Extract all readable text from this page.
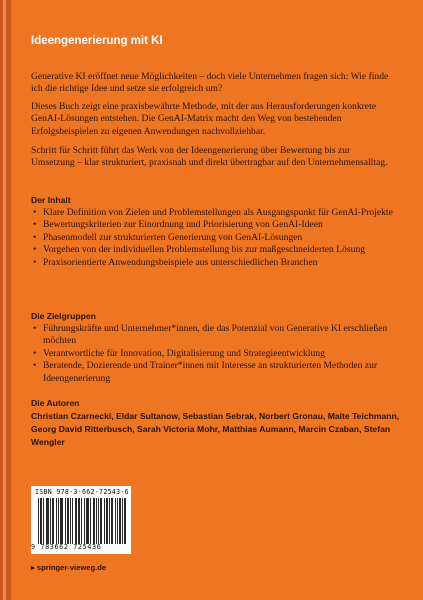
Ideengenerierung mit KI

Generative KI eröffnet neue Möglichkeiten – doch viele Unternehmen fragen sich: Wie finde ich die richtige Idee und setze sie erfolgreich um?

Dieses Buch zeigt eine praxisbewährte Methode, mit der aus Herausforderungen konkrete GenAI-Lösungen entstehen. Die GenAI-Matrix macht den Weg von bestehenden Erfolgsbeispielen zu eigenen Anwendungen nachvollziehbar.

Schritt für Schritt führt das Werk von der Ideengenerierung über Bewertung bis zur Umsetzung – klar strukturiert, praxisnah und direkt übertragbar auf den Unternehmensalltag.

Der Inhalt
• Klare Definition von Zielen und Problemstellungen als Ausgangspunkt für GenAI-Projekte
• Bewertungskriterien zur Einordnung und Priorisierung von GenAI-Ideen
• Phasenmodell zur strukturierten Generierung von GenAI-Lösungen
• Vorgehen von der individuellen Problemstellung bis zur maßgeschneiderten Lösung
• Praxisorientierte Anwendungsbeispiele aus unterschiedlichen Branchen
Die Zielgruppen
• Führungskräfte und Unternehmer*innen, die das Potenzial von Generative KI erschließen möchten
• Verantwortliche für Innovation, Digitalisierung und Strategieentwicklung
• Beratende, Dozierende und Trainer*innen mit Interesse an strukturierten Methoden zur Ideengenerierung
Die Autoren

Christian Czarnecki, Eldar Sultanow, Sebastian Sebrak, Norbert Gronau, Malte Teichmann, Georg David Ritterbusch, Sarah Victoria Mohr, Matthias Aumann, Marcin Czaban, Stefan Wengler

ISBN 978-3-662-72543-6
9 783662 725436
▸ springer-vieweg.de
